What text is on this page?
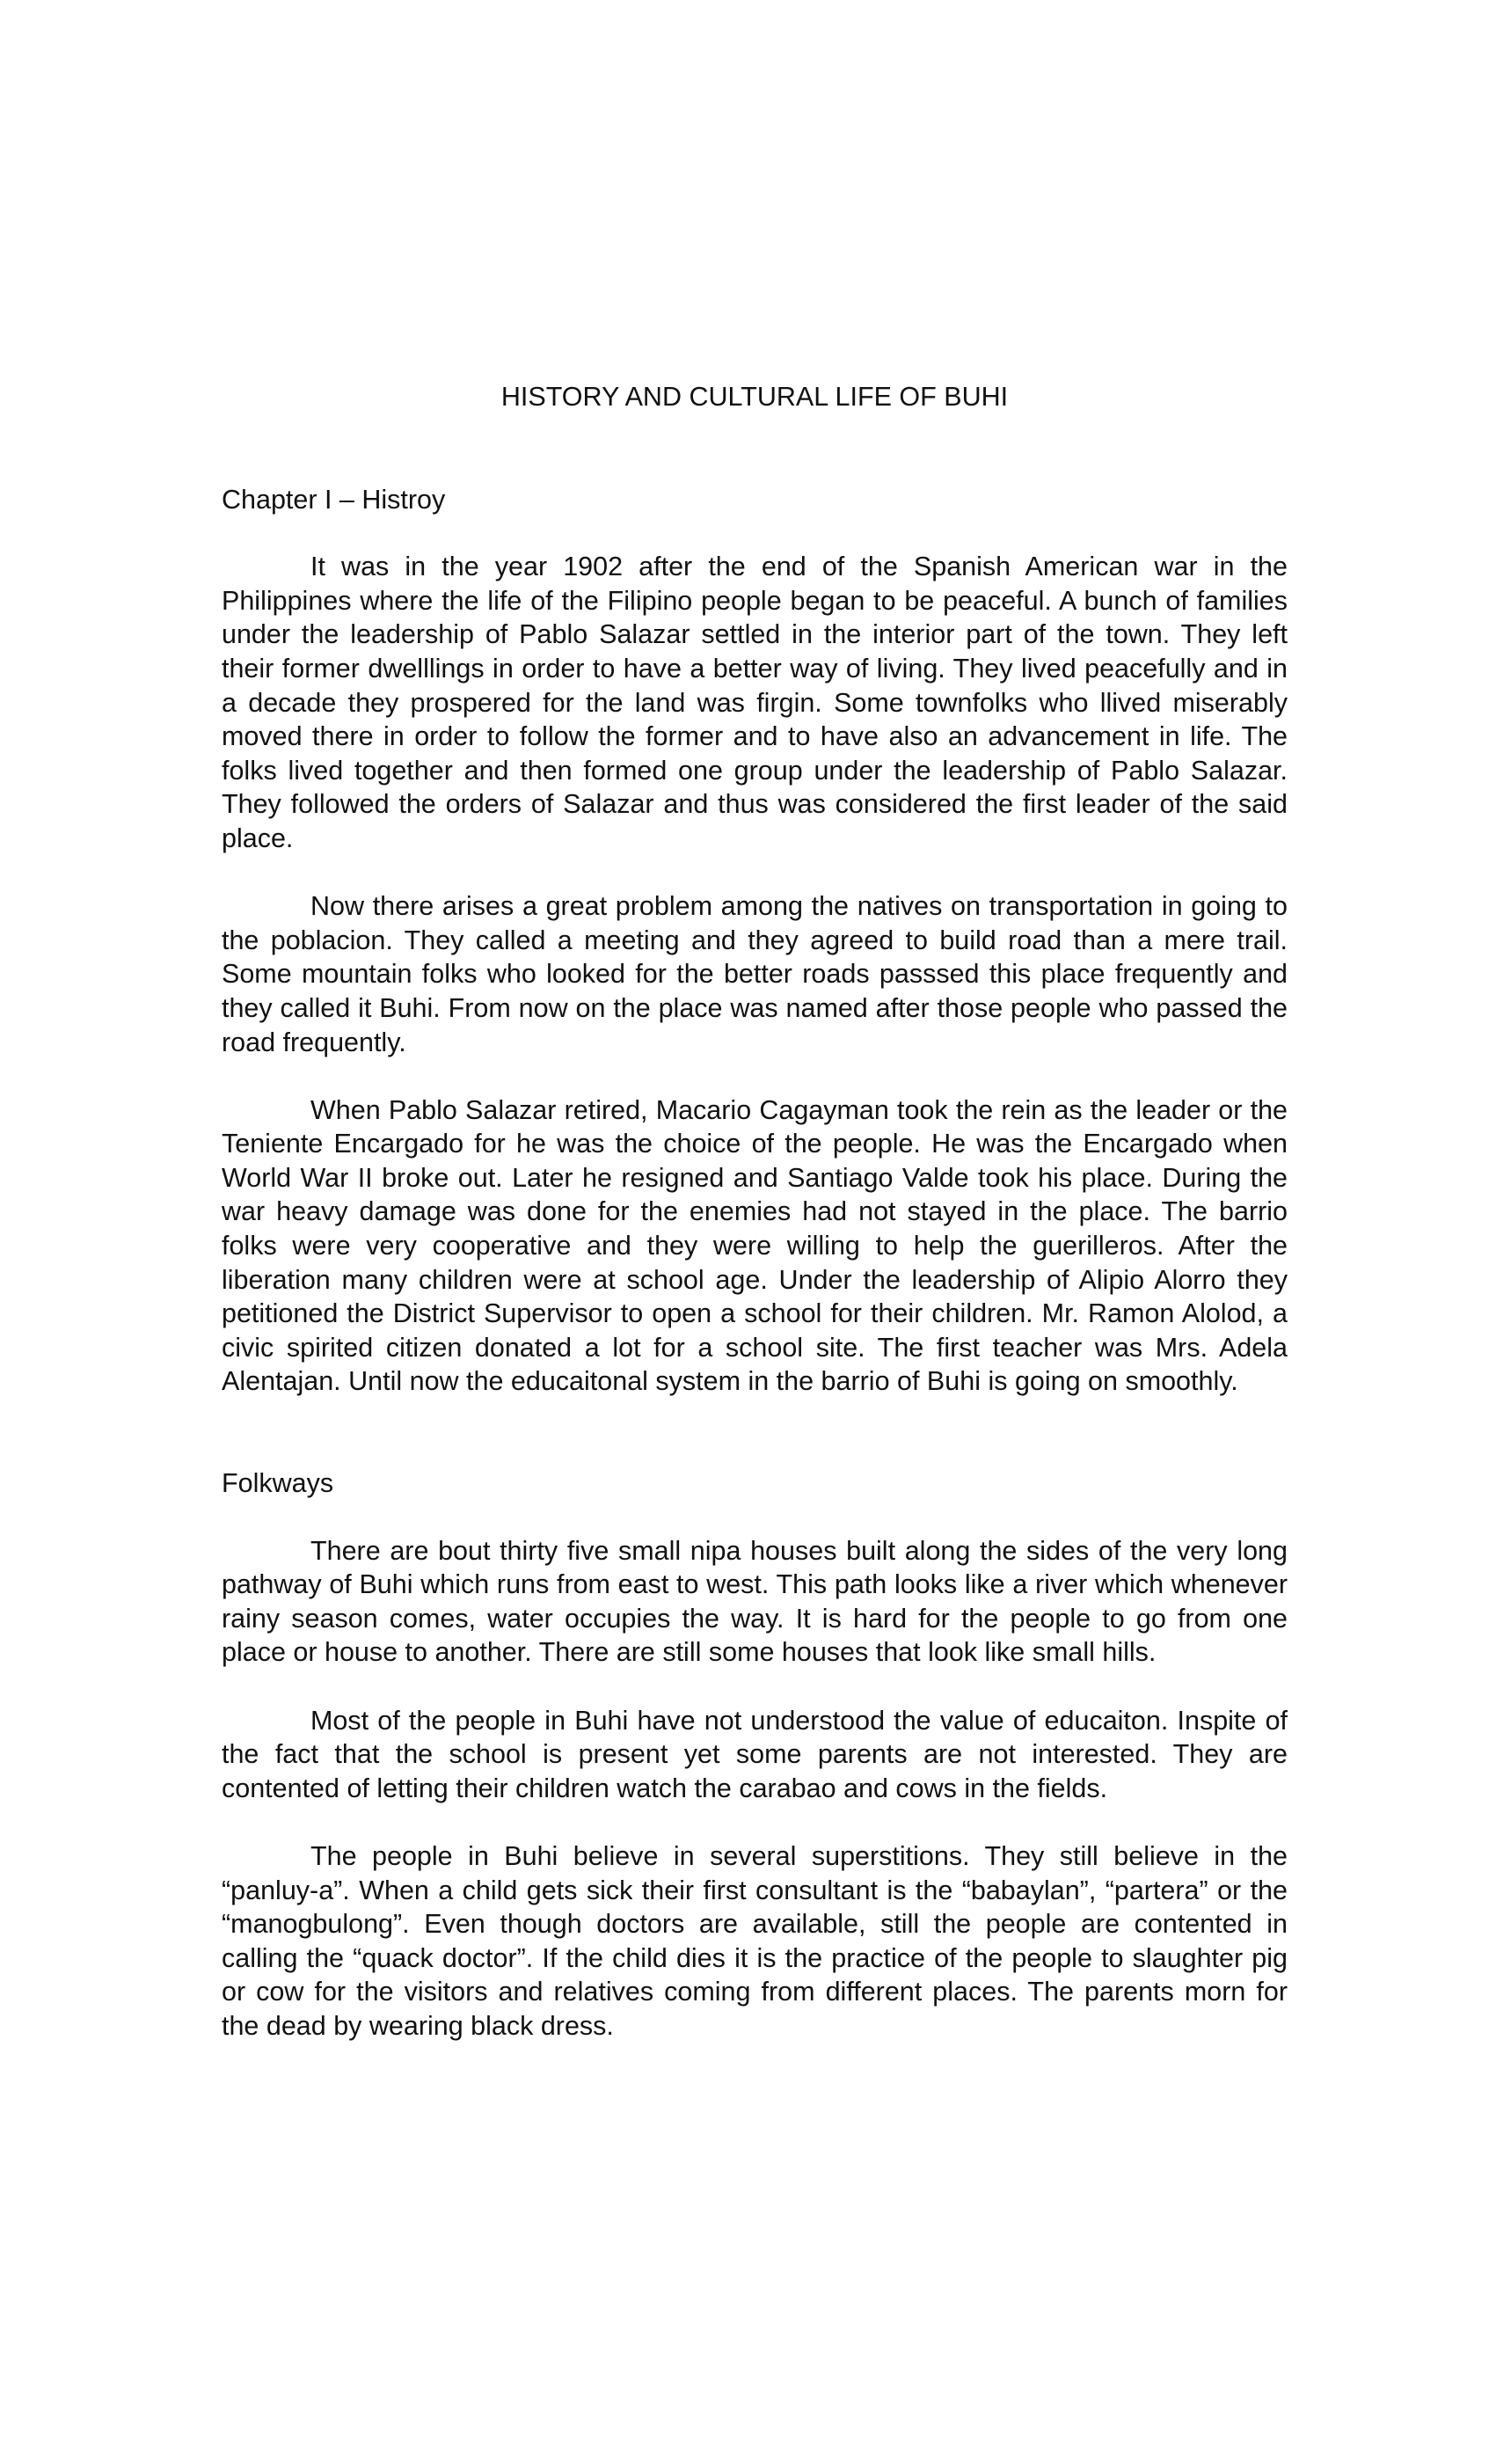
HISTORY AND CULTURAL LIFE OF BUHI
Chapter I – Histroy

It was in the year 1902 after the end of the Spanish American war in the Philippines where the life of the Filipino people began to be peaceful. A bunch of families under the leadership of Pablo Salazar settled in the interior part of the town. They left their former dwelllings in order to have a better way of living. They lived peacefully and in a decade they prospered for the land was firgin. Some townfolks who llived miserably moved there in order to follow the former and to have also an advancement in life. The folks lived together and then formed one group under the leadership of Pablo Salazar. They followed the orders of Salazar and thus was considered the first leader of the said place.

Now there arises a great problem among the natives on transportation in going to the poblacion. They called a meeting and they agreed to build road than a mere trail. Some mountain folks who looked for the better roads passsed this place frequently and they called it Buhi. From now on the place was named after those people who passed the road frequently.

When Pablo Salazar retired, Macario Cagayman took the rein as the leader or the Teniente Encargado for he was the choice of the people. He was the Encargado when World War II broke out. Later he resigned and Santiago Valde took his place. During the war heavy damage was done for the enemies had not stayed in the place. The barrio folks were very cooperative and they were willing to help the guerilleros. After the liberation many children were at school age. Under the leadership of Alipio Alorro they petitioned the District Supervisor to open a school for their children. Mr. Ramon Alolod, a civic spirited citizen donated a lot for a school site. The first teacher was Mrs. Adela Alentajan. Until now the educaitonal system in the barrio of Buhi is going on smoothly.

Folkways

There are bout thirty five small nipa houses built along the sides of the very long pathway of Buhi which runs from east to west. This path looks like a river which whenever rainy season comes, water occupies the way. It is hard for the people to go from one place or house to another. There are still some houses that look like small hills.

Most of the people in Buhi have not understood the value of educaiton. Inspite of the fact that the school is present yet some parents are not interested. They are contented of letting their children watch the carabao and cows in the fields.

The people in Buhi believe in several superstitions. They still believe in the “panluy-a”. When a child gets sick their first consultant is the “babaylan”, “partera” or the “manogbulong”. Even though doctors are available, still the people are contented in calling the “quack doctor”. If the child dies it is the practice of the people to slaughter pig or cow for the visitors and relatives coming from different places. The parents morn for the dead by wearing black dress.
